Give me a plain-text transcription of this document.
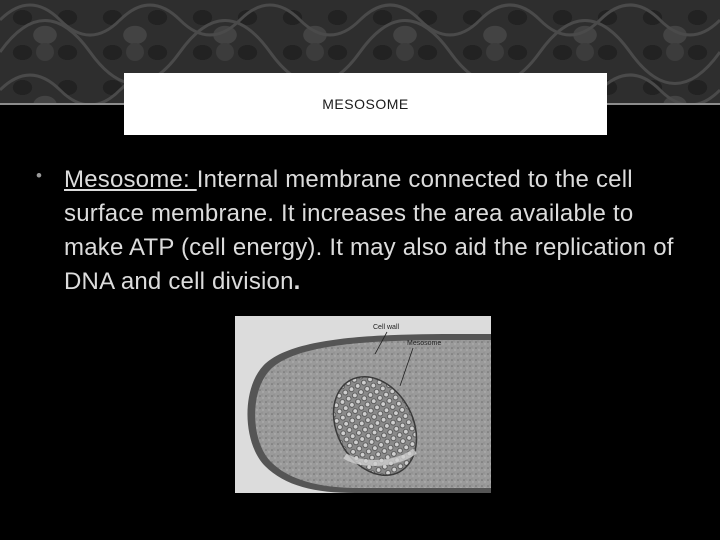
MESOSOME
• Mesosome: Internal membrane connected to the cell surface membrane. It increases the area available to make ATP (cell energy). It may also aid the replication of DNA and cell division.
Cell wall
Mesosome
